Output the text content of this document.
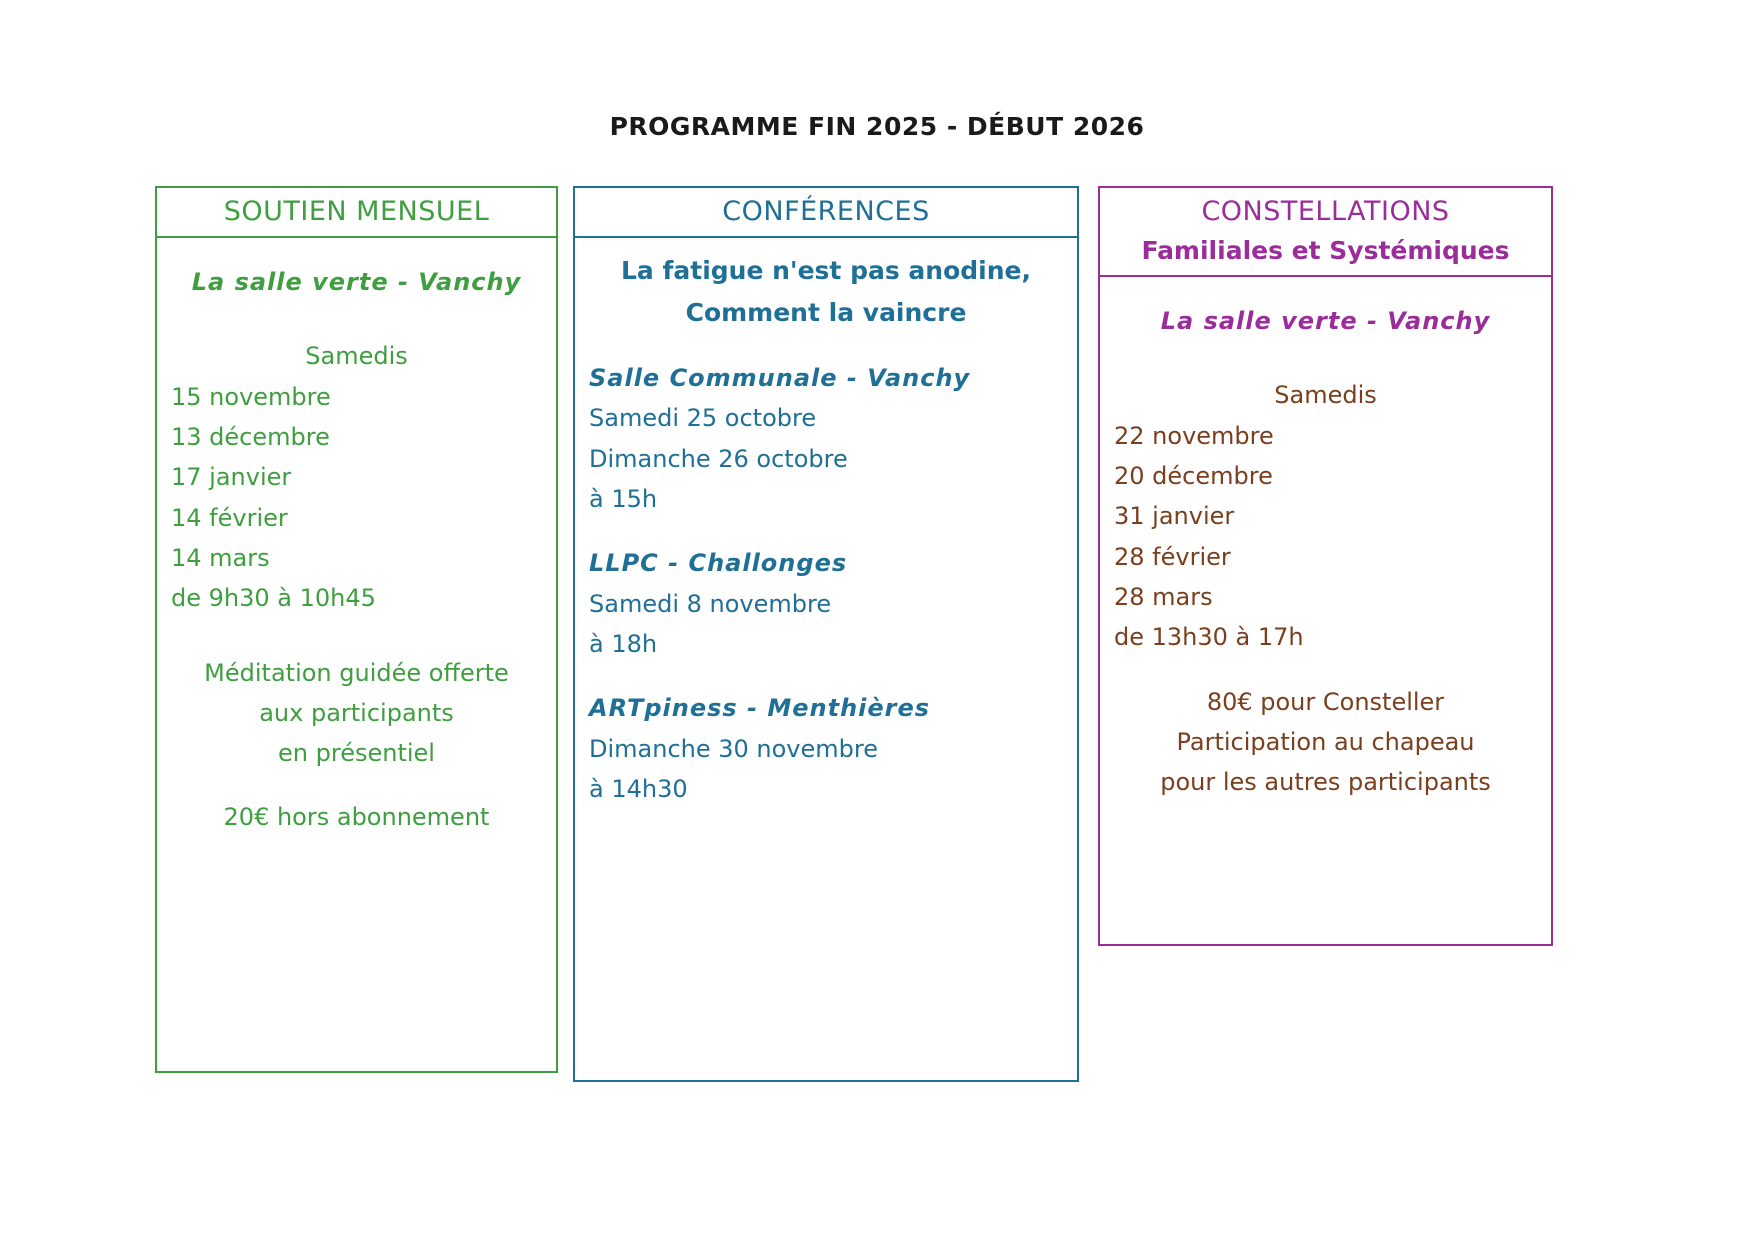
PROGRAMME FIN 2025 - DÉBUT 2026
SOUTIEN MENSUEL
La salle verte - Vanchy
Samedis
15 novembre
13 décembre
17 janvier
14 février
14 mars
de 9h30 à 10h45
Méditation guidée offerte
aux participants
en présentiel
20€ hors abonnement
CONFÉRENCES
La fatigue n'est pas anodine,
Comment la vaincre
Salle Communale - Vanchy
Samedi 25 octobre
Dimanche 26 octobre
à 15h
LLPC - Challonges
Samedi 8 novembre
à 18h
ARTpiness - Menthières
Dimanche 30 novembre
à 14h30
CONSTELLATIONS
Familiales et Systémiques
La salle verte - Vanchy
Samedis
22 novembre
20 décembre
31 janvier
28 février
28 mars
de 13h30 à 17h
80€ pour Consteller
Participation au chapeau
pour les autres participants
